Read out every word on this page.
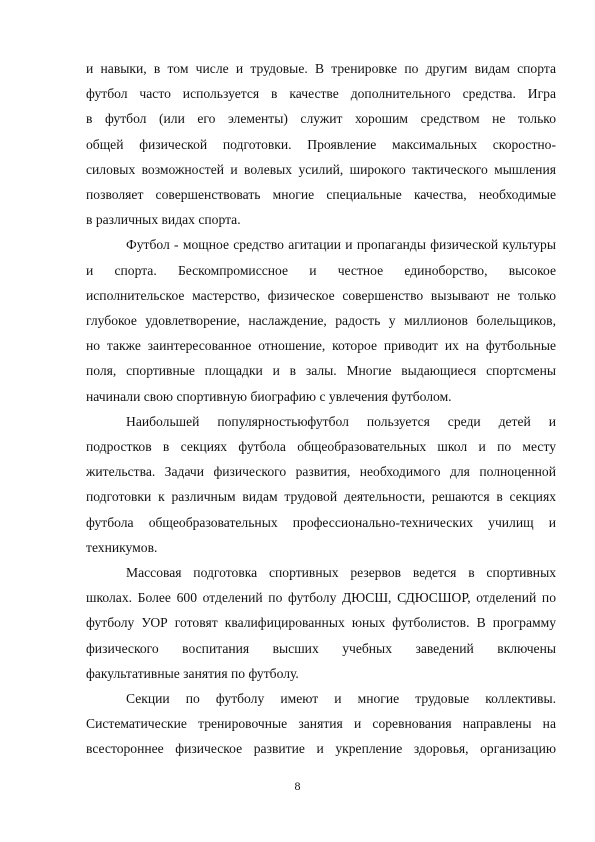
и навыки, в том числе и трудовые. В тренировке по другим видам спорта

футбол часто используется в качестве дополнительного средства. Игра

в футбол (или его элементы) служит хорошим средством не только

общей физической подготовки. Проявление максимальных скоростно-

силовых возможностей и волевых усилий, широкого тактического мышления

позволяет совершенствовать многие специальные качества, необходимые

в различных видах спорта.

Футбол - мощное средство агитации и пропаганды физической культуры

и спорта. Бескомпромиссное и честное единоборство, высокое

исполнительское мастерство, физическое совершенство вызывают не только

глубокое удовлетворение, наслаждение, радость у миллионов болельщиков,

но также заинтересованное отношение, которое приводит их на футбольные

поля, спортивные площадки и в залы. Многие выдающиеся спортсмены

начинали свою спортивную биографию с увлечения футболом.

Наибольшей популярностьюфутбол пользуется среди детей и

подростков в секциях футбола общеобразовательных школ и по месту

жительства. Задачи физического развития, необходимого для полноценной

подготовки к различным видам трудовой деятельности, решаются в секциях

футбола общеобразовательных профессионально-технических училищ и

техникумов.

Массовая подготовка спортивных резервов ведется в спортивных

школах. Более 600 отделений по футболу ДЮСШ, СДЮСШОР, отделений по

футболу УОР готовят квалифицированных юных футболистов. В программу

физического воспитания высших учебных заведений включены

факультативные занятия по футболу.

Секции по футболу имеют и многие трудовые коллективы.

Систематические тренировочные занятия и соревнования направлены на

всестороннее физическое развитие и укрепление здоровья, организацию

8
